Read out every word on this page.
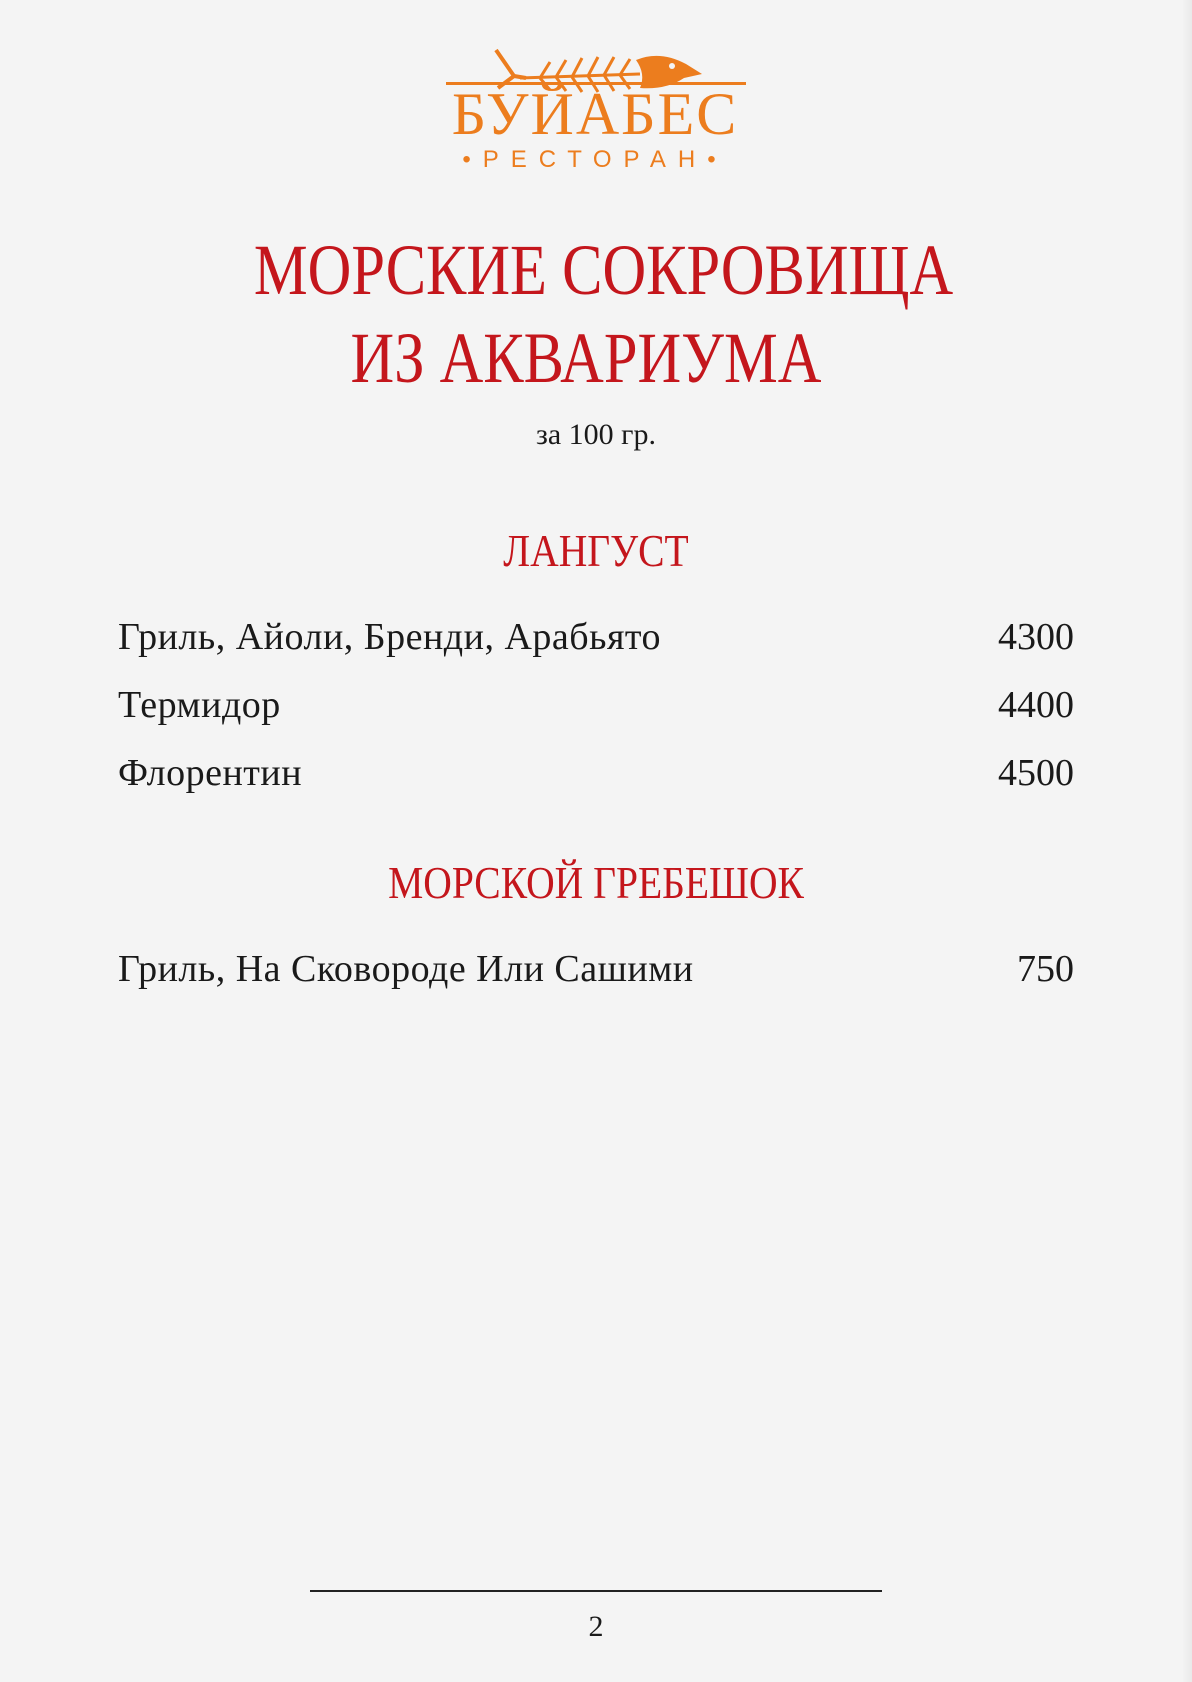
БУЙАБЕС
•РЕСТОРАН•
МОРСКИЕ СОКРОВИЩА
ИЗ АКВАРИУМА
за 100 гр.
ЛАНГУСТ
Гриль, Айоли, Бренди, Арабьято	4300
Термидор	4400
Флорентин	4500
МОРСКОЙ ГРЕБЕШОК
Гриль, На Сковороде Или Сашими	750
2
